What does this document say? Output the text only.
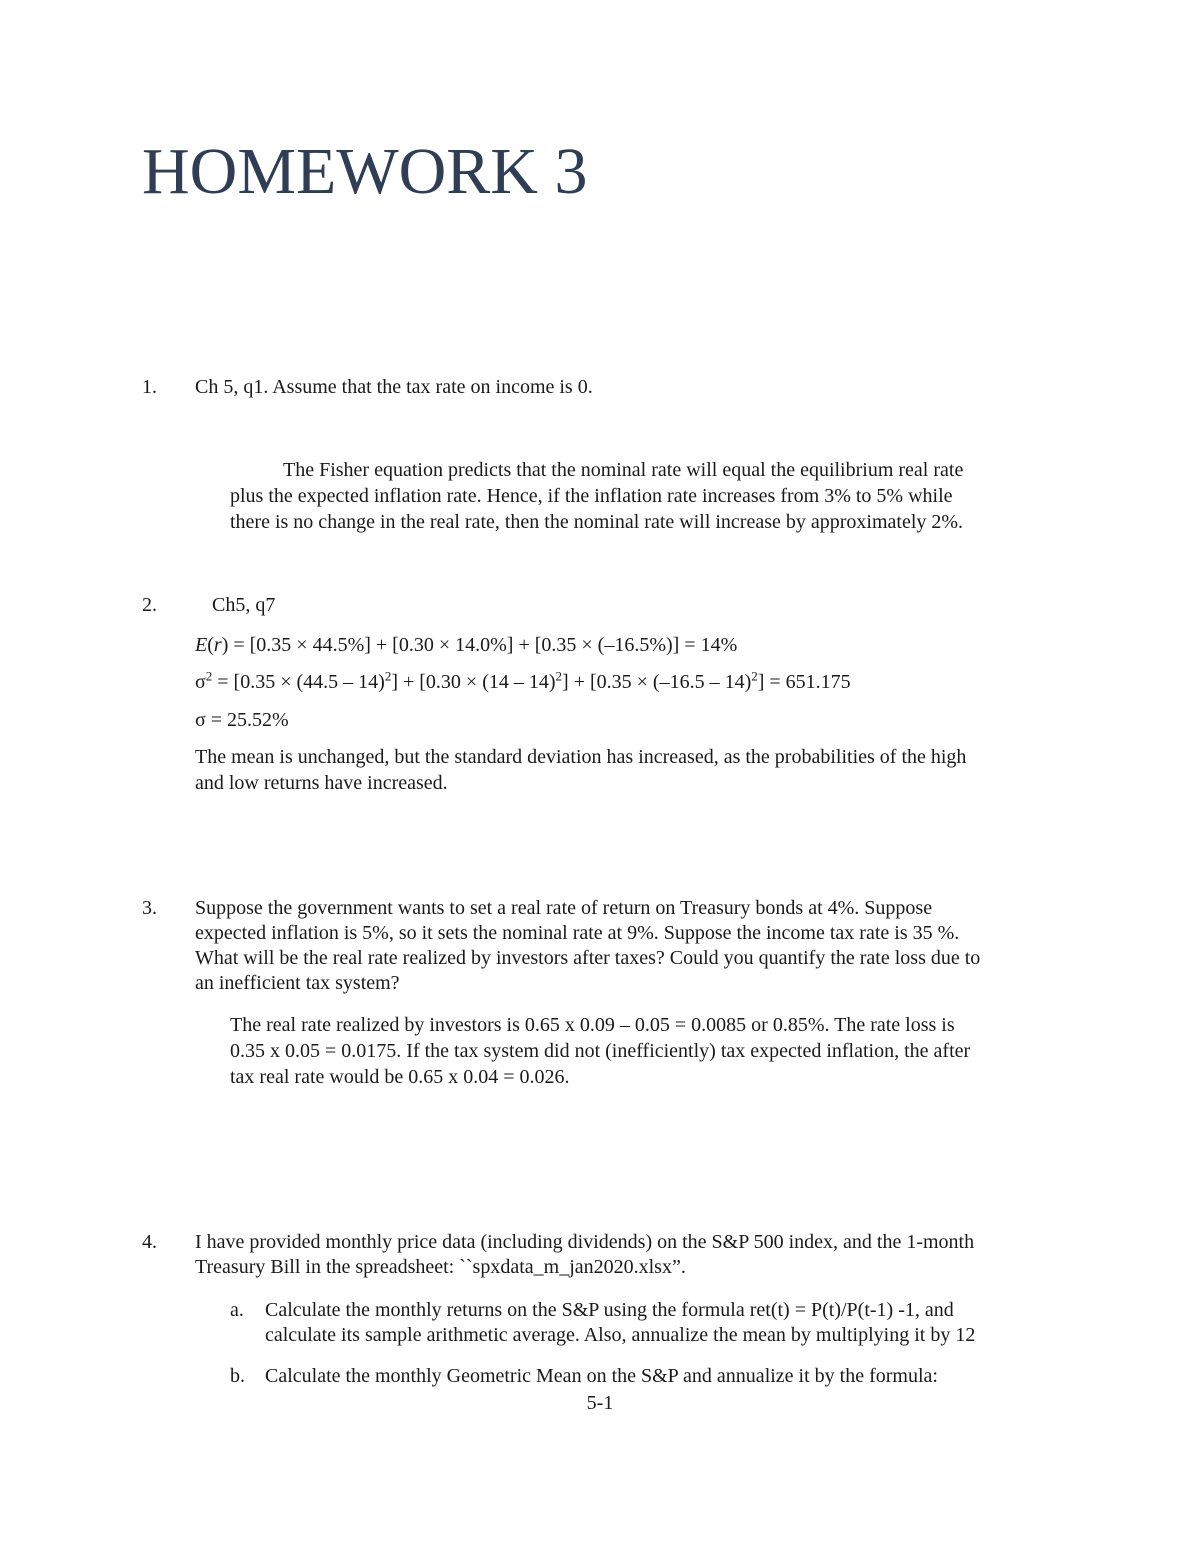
HOMEWORK 3
1. Ch 5, q1. Assume that the tax rate on income is 0.
The Fisher equation predicts that the nominal rate will equal the equilibrium real rate
plus the expected inflation rate. Hence, if the inflation rate increases from 3% to 5% while
there is no change in the real rate, then the nominal rate will increase by approximately 2%.
2.	Ch5, q7
E(r) = [0.35 × 44.5%] + [0.30 × 14.0%] + [0.35 × (–16.5%)] = 14%
$\sigma^2 = [0.35 \times (44.5 - 14)^2] + [0.30 \times (14 - 14)^2] + [0.35 \times (-16.5 - 14)^2] = 651.175$
σ = 25.52%
The mean is unchanged, but the standard deviation has increased, as the probabilities of the high
and low returns have increased.
3. Suppose the government wants to set a real rate of return on Treasury bonds at 4%. Suppose
expected inflation is 5%, so it sets the nominal rate at 9%. Suppose the income tax rate is 35 %.
What will be the real rate realized by investors after taxes? Could you quantify the rate loss due to
an inefficient tax system?
The real rate realized by investors is 0.65 x 0.09 – 0.05 = 0.0085 or 0.85%. The rate loss is
0.35 x 0.05 = 0.0175. If the tax system did not (inefficiently) tax expected inflation, the after
tax real rate would be 0.65 x 0.04 = 0.026.
4. I have provided monthly price data (including dividends) on the S&P 500 index, and the 1-month
Treasury Bill in the spreadsheet: ``spxdata_m_jan2020.xlsx”.
a. Calculate the monthly returns on the S&P using the formula ret(t) = P(t)/P(t-1) -1, and
calculate its sample arithmetic average. Also, annualize the mean by multiplying it by 12
b. Calculate the monthly Geometric Mean on the S&P and annualize it by the formula:
5-1
